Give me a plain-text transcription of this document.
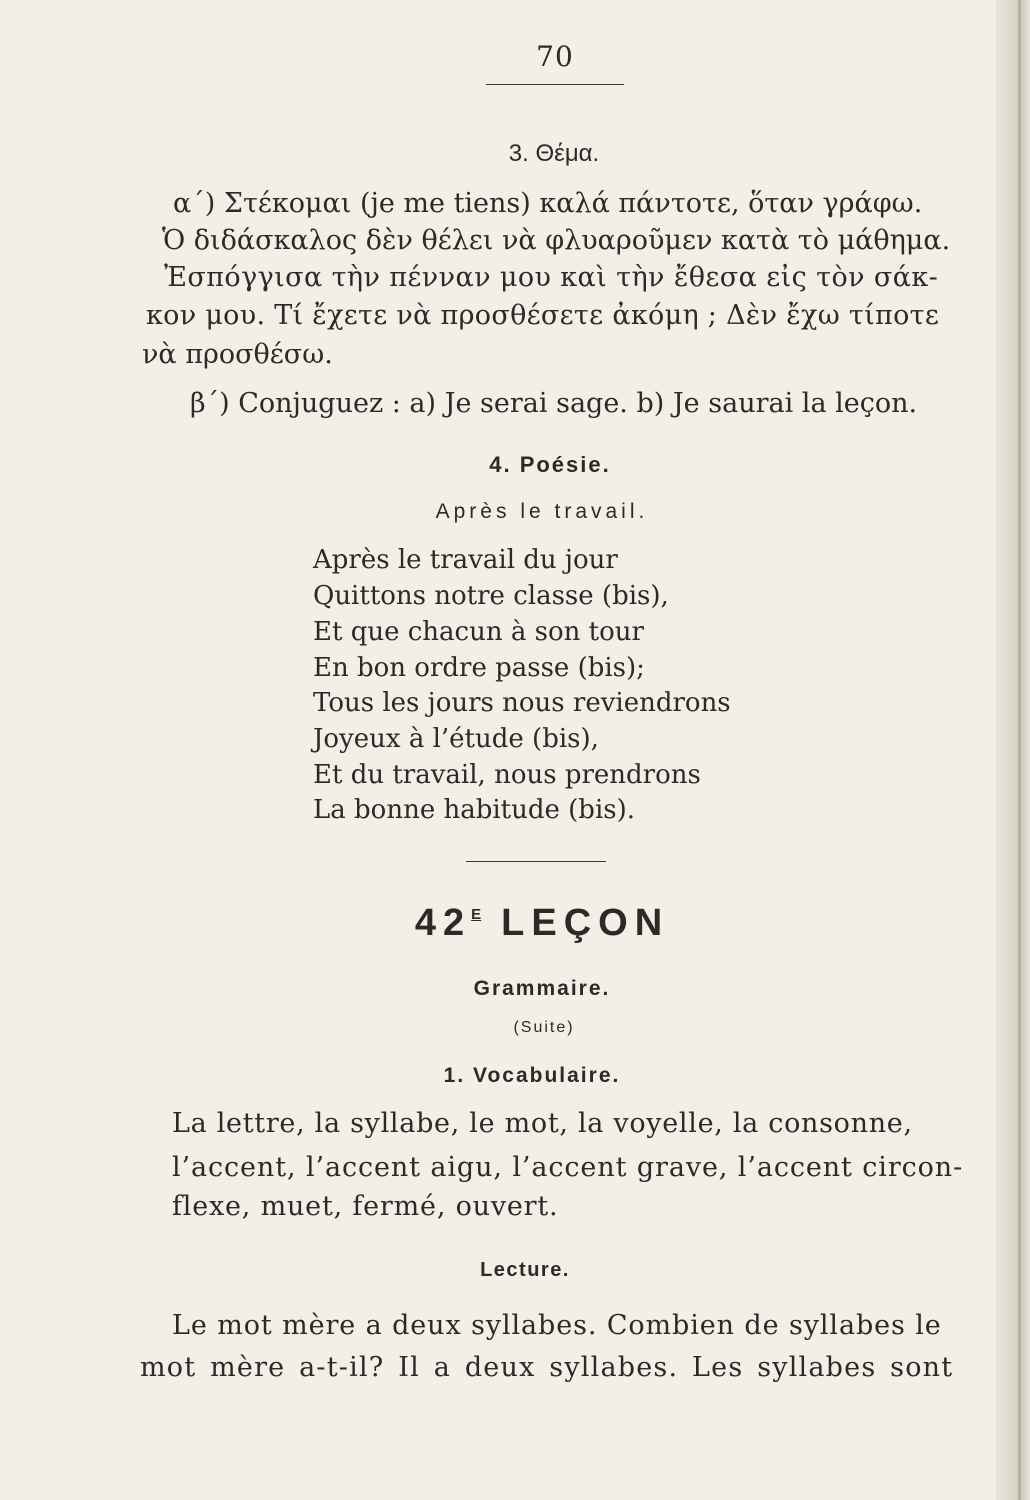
70
3. Θέμα.
α΄) Στέκομαι (je me tiens) καλά πάντοτε, ὅταν γράφω.
Ὁ διδάσκαλος δὲν θέλει νὰ φλυαροῦμεν κατὰ τὸ μάθημα.
Ἐσπόγγισα τὴν πένναν μου καὶ τὴν ἔθεσα εἰς τὸν σάκ-
κον μου. Τί ἔχετε νὰ προσθέσετε ἀκόμη ; Δὲν ἔχω τίποτε
νὰ προσθέσω.
β΄) Conjuguez : a) Je serai sage. b) Je saurai la leçon.
4. Poésie.
Après le travail.
Après le travail du jour
Quittons notre classe (bis),
Et que chacun à son tour
En bon ordre passe (bis);
Tous les jours nous reviendrons
Joyeux à l’étude (bis),
Et du travail, nous prendrons
La bonne habitude (bis).
$42^E$ LEÇON
Grammaire.
(Suite)
1. Vocabulaire.
La lettre, la syllabe, le mot, la voyelle, la consonne,
l’accent, l’accent aigu, l’accent grave, l’accent circon-
flexe, muet, fermé, ouvert.
Lecture.
Le mot mère a deux syllabes. Combien de syllabes le
mot mère a-t-il? Il a deux syllabes. Les syllabes sont
